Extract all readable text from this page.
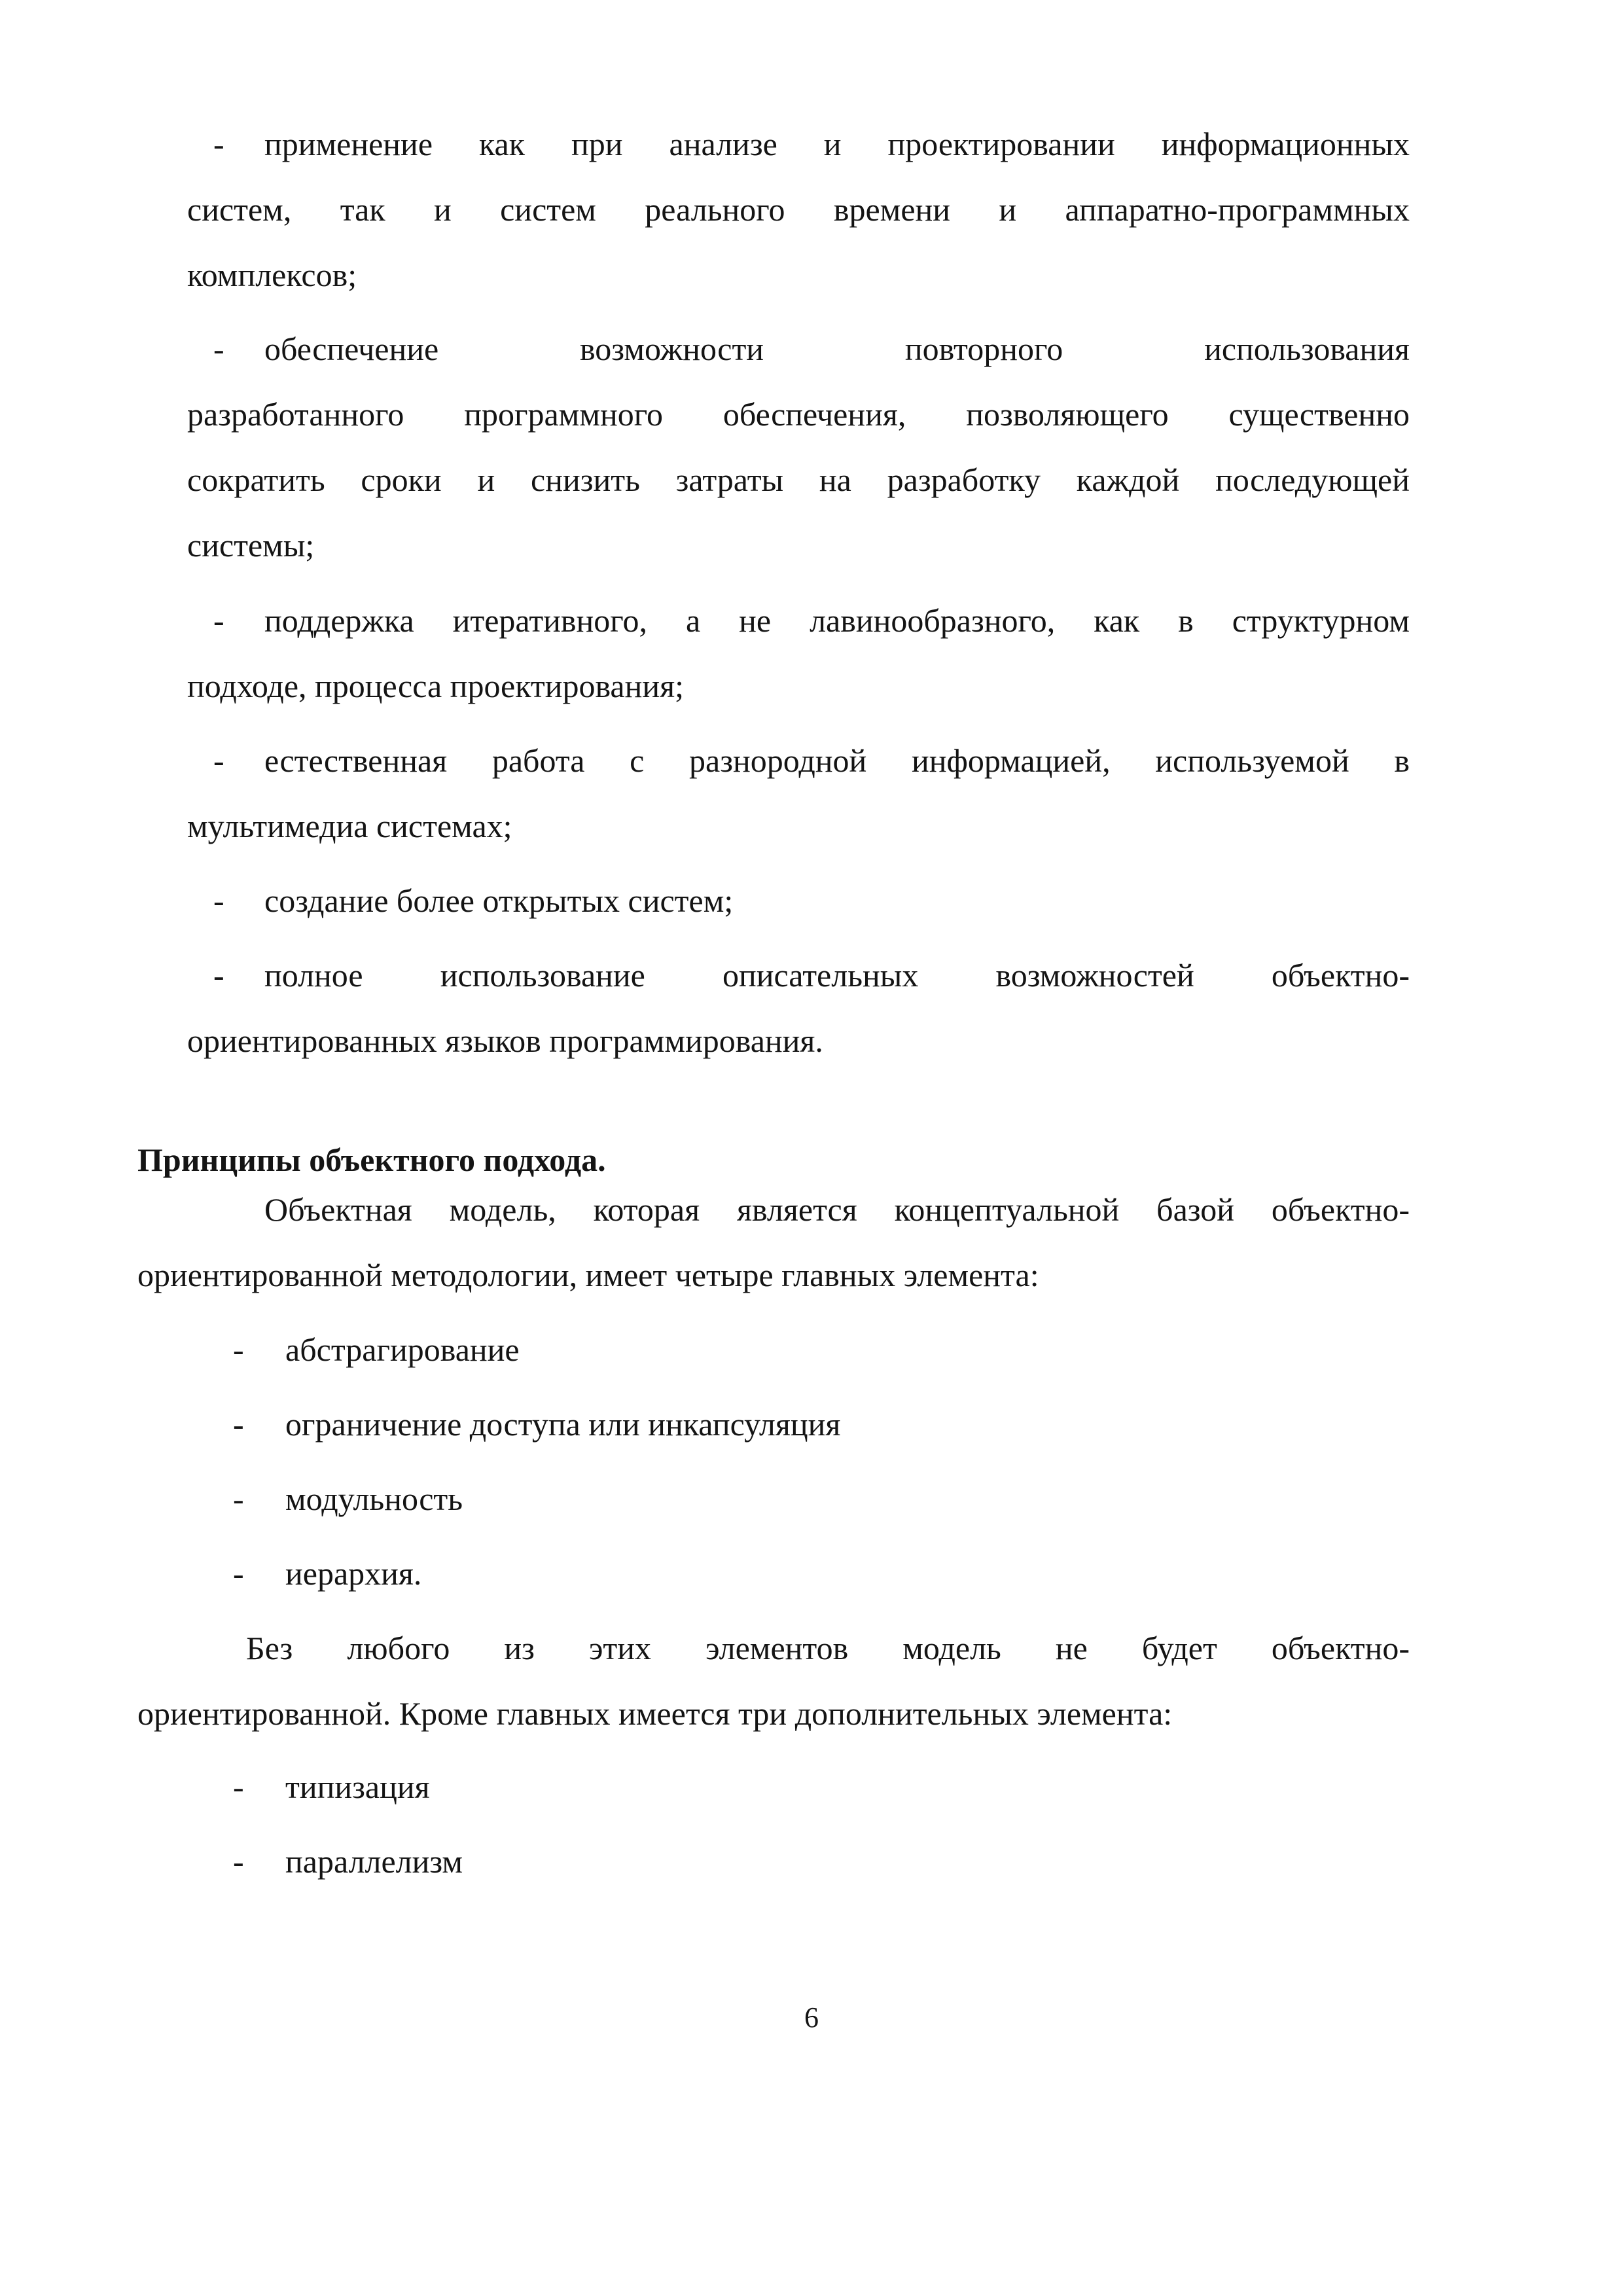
- применение как при анализе и проектировании информационных
систем, так и систем реального времени и аппаратно-программных
комплексов;
- обеспечение возможности повторного использования
разработанного программного обеспечения, позволяющего существенно
сократить сроки и снизить затраты на разработку каждой последующей
системы;
- поддержка итеративного, а не лавинообразного, как в структурном
подходе, процесса проектирования;
- естественная работа с разнородной информацией, используемой в
мультимедиа системах;
- создание более открытых систем;
- полное использование описательных возможностей объектно-
ориентированных языков программирования.
Принципы объектного подхода.
Объектная модель, которая является концептуальной базой объектно-
ориентированной методологии, имеет четыре главных элемента:
- абстрагирование
- ограничение доступа или инкапсуляция
- модульность
- иерархия.
Без любого из этих элементов модель не будет объектно-
ориентированной. Кроме главных имеется три дополнительных элемента:
- типизация
- параллелизм
6
